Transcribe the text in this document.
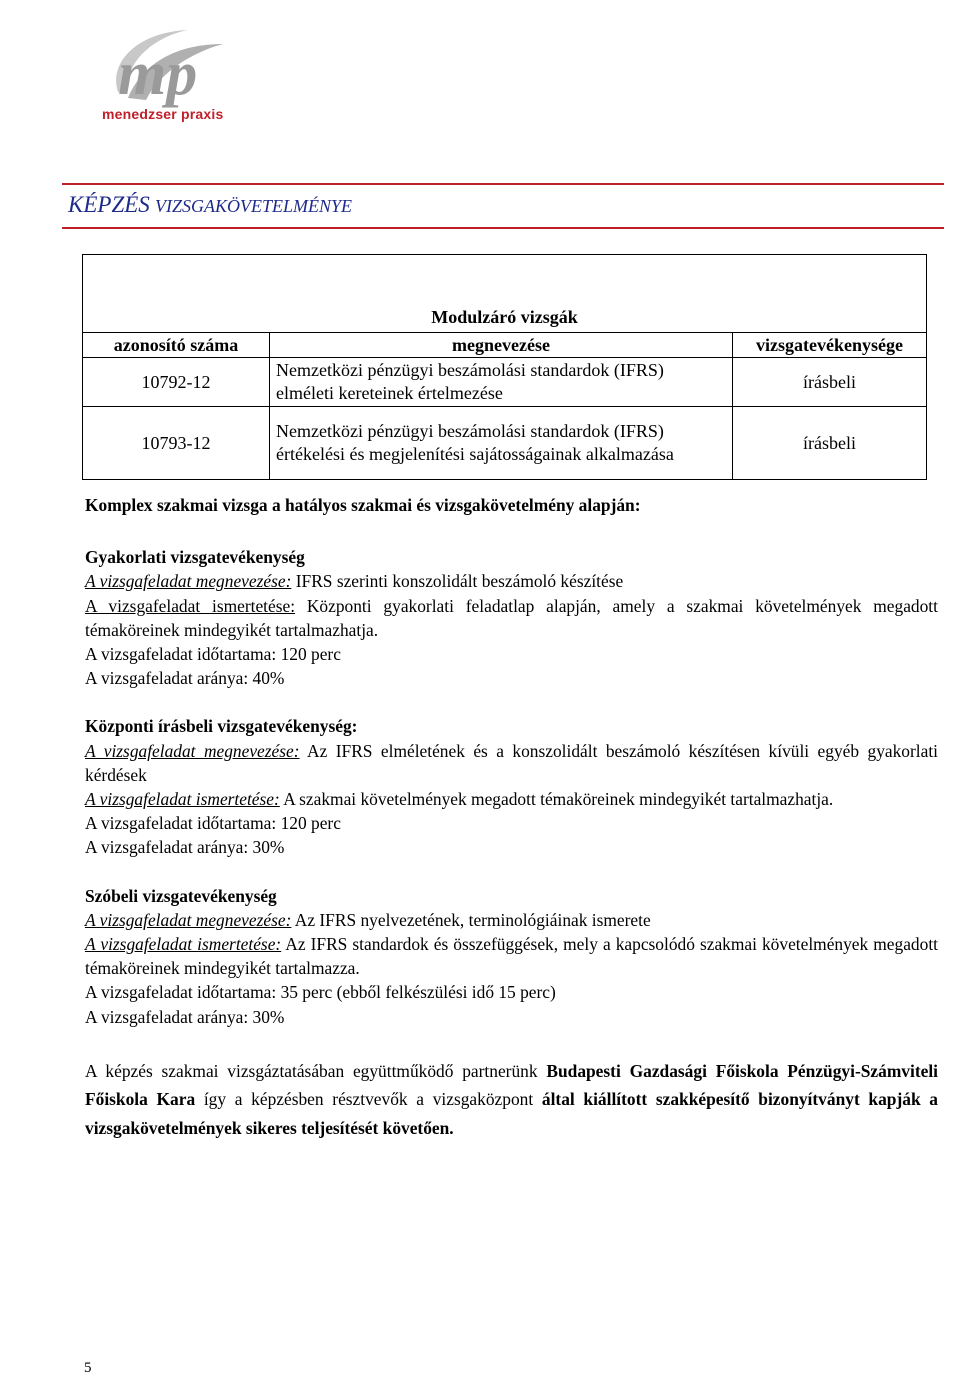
mp
menedzser praxis
KÉPZÉS VIZSGAKÖVETELMÉNYE
Modulzáró vizsgák		
azonosító száma	megnevezése	vizsgatevékenysége
10792-12	Nemzetközi pénzügyi beszámolási standardok (IFRS) elméleti kereteinek értelmezése	írásbeli
10793-12	Nemzetközi pénzügyi beszámolási standardok (IFRS) értékelési és megjelenítési sajátosságainak alkalmazása	írásbeli

Komplex szakmai vizsga a hatályos szakmai és vizsgakövetelmény alapján:

Gyakorlati vizsgatevékenység

A vizsgafeladat megnevezése: IFRS szerinti konszolidált beszámoló készítése

A vizsgafeladat ismertetése: Központi gyakorlati feladatlap alapján, amely a szakmai követelmények megadott témaköreinek mindegyikét tartalmazhatja.

A vizsgafeladat időtartama: 120 perc

A vizsgafeladat aránya: 40%

Központi írásbeli vizsgatevékenység:

A vizsgafeladat megnevezése: Az IFRS elméletének és a konszolidált beszámoló készítésen kívüli egyéb gyakorlati kérdések

A vizsgafeladat ismertetése: A szakmai követelmények megadott témaköreinek mindegyikét tartalmazhatja.

A vizsgafeladat időtartama: 120 perc

A vizsgafeladat aránya: 30%

Szóbeli vizsgatevékenység

A vizsgafeladat megnevezése: Az IFRS nyelvezetének, terminológiáinak ismerete

A vizsgafeladat ismertetése: Az IFRS standardok és összefüggések, mely a kapcsolódó szakmai követelmények megadott témaköreinek mindegyikét tartalmazza.

A vizsgafeladat időtartama: 35 perc (ebből felkészülési idő 15 perc)

A vizsgafeladat aránya: 30%

A képzés szakmai vizsgáztatásában együttműködő partnerünk Budapesti Gazdasági Főiskola Pénzügyi-Számviteli Főiskola Kara így a képzésben résztvevők a vizsgaközpont által kiállított szakképesítő bizonyítványt kapják a vizsgakövetelmények sikeres teljesítését követően.

5
